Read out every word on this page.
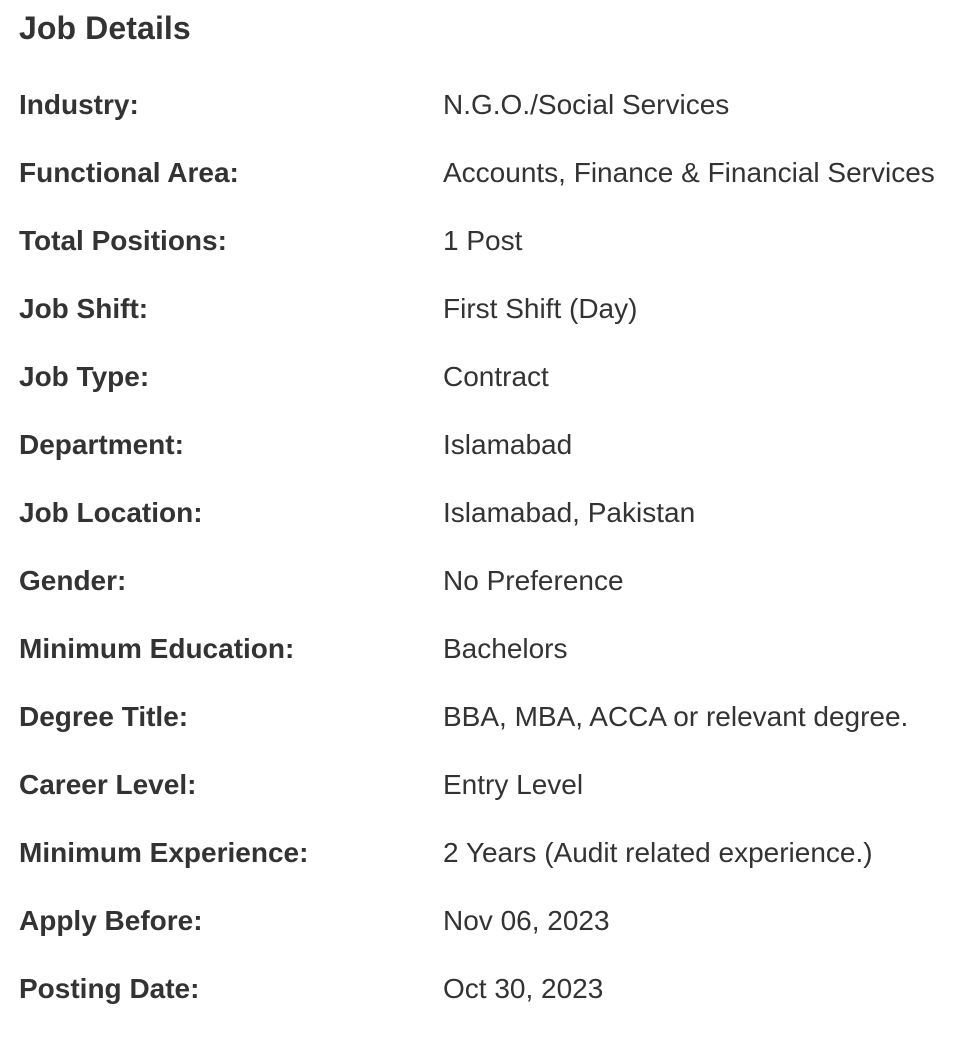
Job Details
Industry:	N.G.O./Social Services
Functional Area:	Accounts, Finance & Financial Services
Total Positions:	1 Post
Job Shift:	First Shift (Day)
Job Type:	Contract
Department:	Islamabad
Job Location:	Islamabad, Pakistan
Gender:	No Preference
Minimum Education:	Bachelors
Degree Title:	BBA, MBA, ACCA or relevant degree.
Career Level:	Entry Level
Minimum Experience:	2 Years (Audit related experience.)
Apply Before:	Nov 06, 2023
Posting Date:	Oct 30, 2023
